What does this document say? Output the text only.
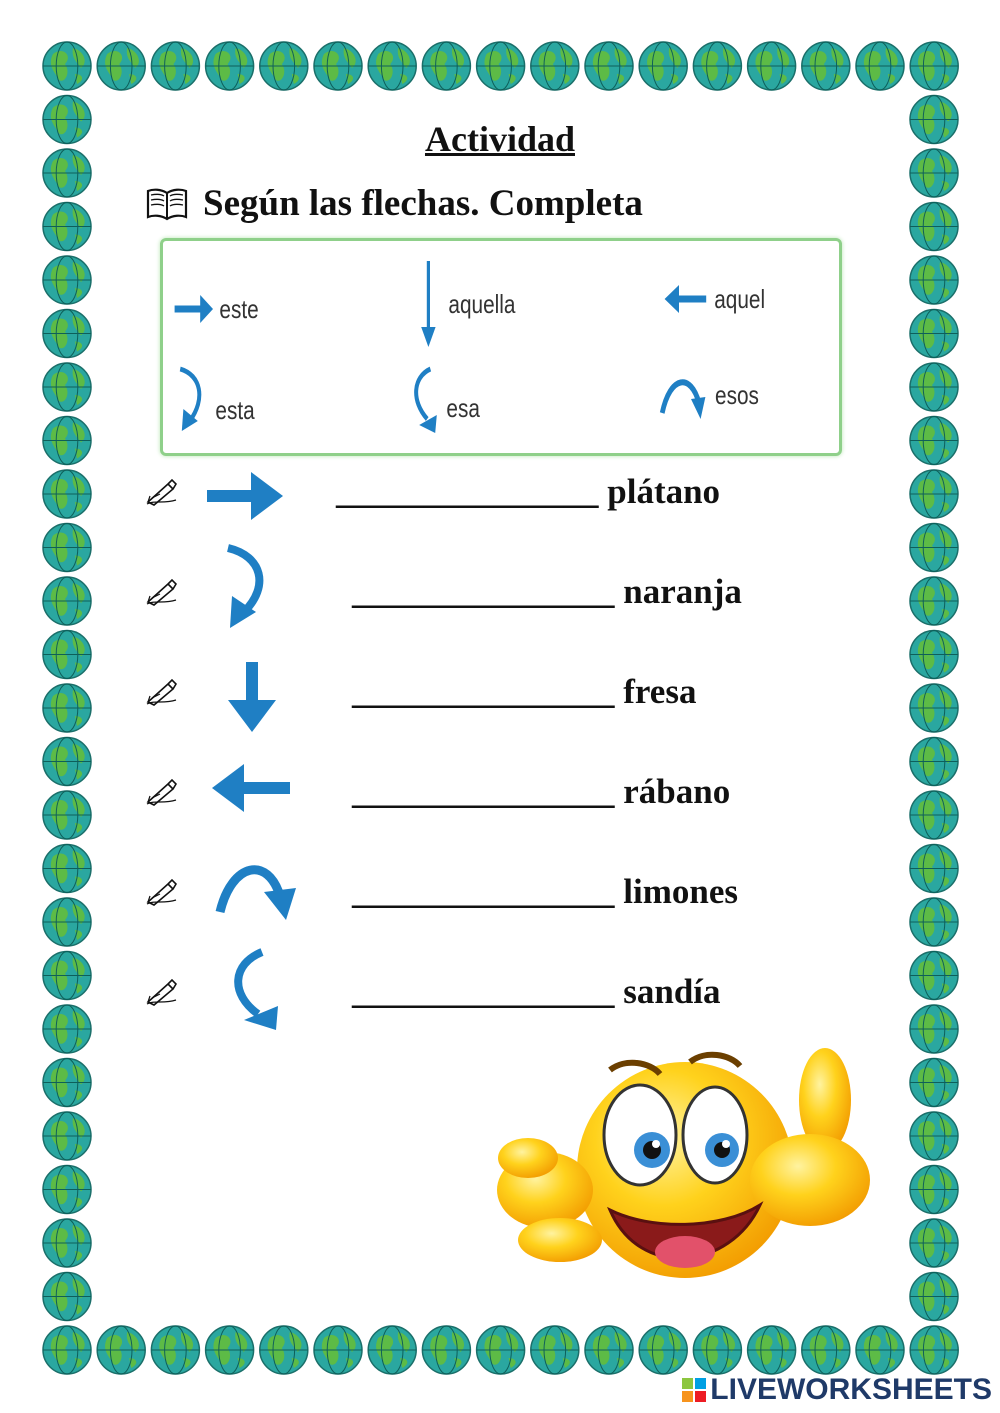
Actividad
Según las flechas. Completa
este	aquella	aquel
esta	esa	esos
_______________ plátano
_______________ naranja
_______________ fresa
_______________ rábano
_______________ limones
_______________ sandía
LIVEWORKSHEETS
